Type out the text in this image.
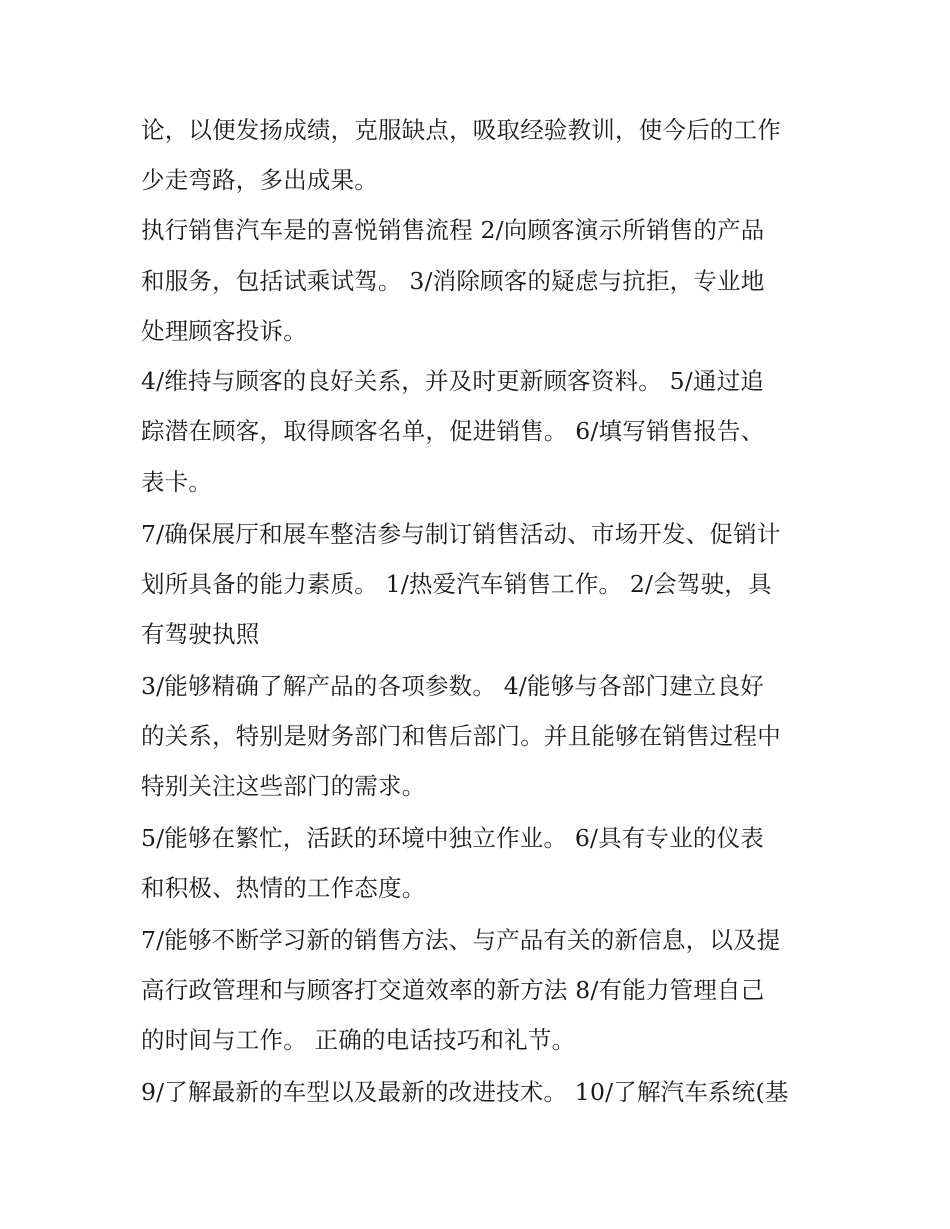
论，以便发扬成绩，克服缺点，吸取经验教训，使今后的工作
少走弯路，多出成果。
执行销售汽车是的喜悦销售流程 2/向顾客演示所销售的产品
和服务，包括试乘试驾。 3/消除顾客的疑虑与抗拒，专业地
处理顾客投诉。
4/维持与顾客的良好关系，并及时更新顾客资料。 5/通过追
踪潜在顾客，取得顾客名单，促进销售。 6/填写销售报告、
表卡。
7/确保展厅和展车整洁参与制订销售活动、市场开发、促销计
划所具备的能力素质。 1/热爱汽车销售工作。 2/会驾驶，具
有驾驶执照
3/能够精确了解产品的各项参数。 4/能够与各部门建立良好
的关系，特别是财务部门和售后部门。并且能够在销售过程中
特别关注这些部门的需求。
5/能够在繁忙，活跃的环境中独立作业。 6/具有专业的仪表
和积极、热情的工作态度。
7/能够不断学习新的销售方法、与产品有关的新信息，以及提
高行政管理和与顾客打交道效率的新方法 8/有能力管理自己
的时间与工作。 正确的电话技巧和礼节。
9/了解最新的车型以及最新的改进技术。 10/了解汽车系统(基
